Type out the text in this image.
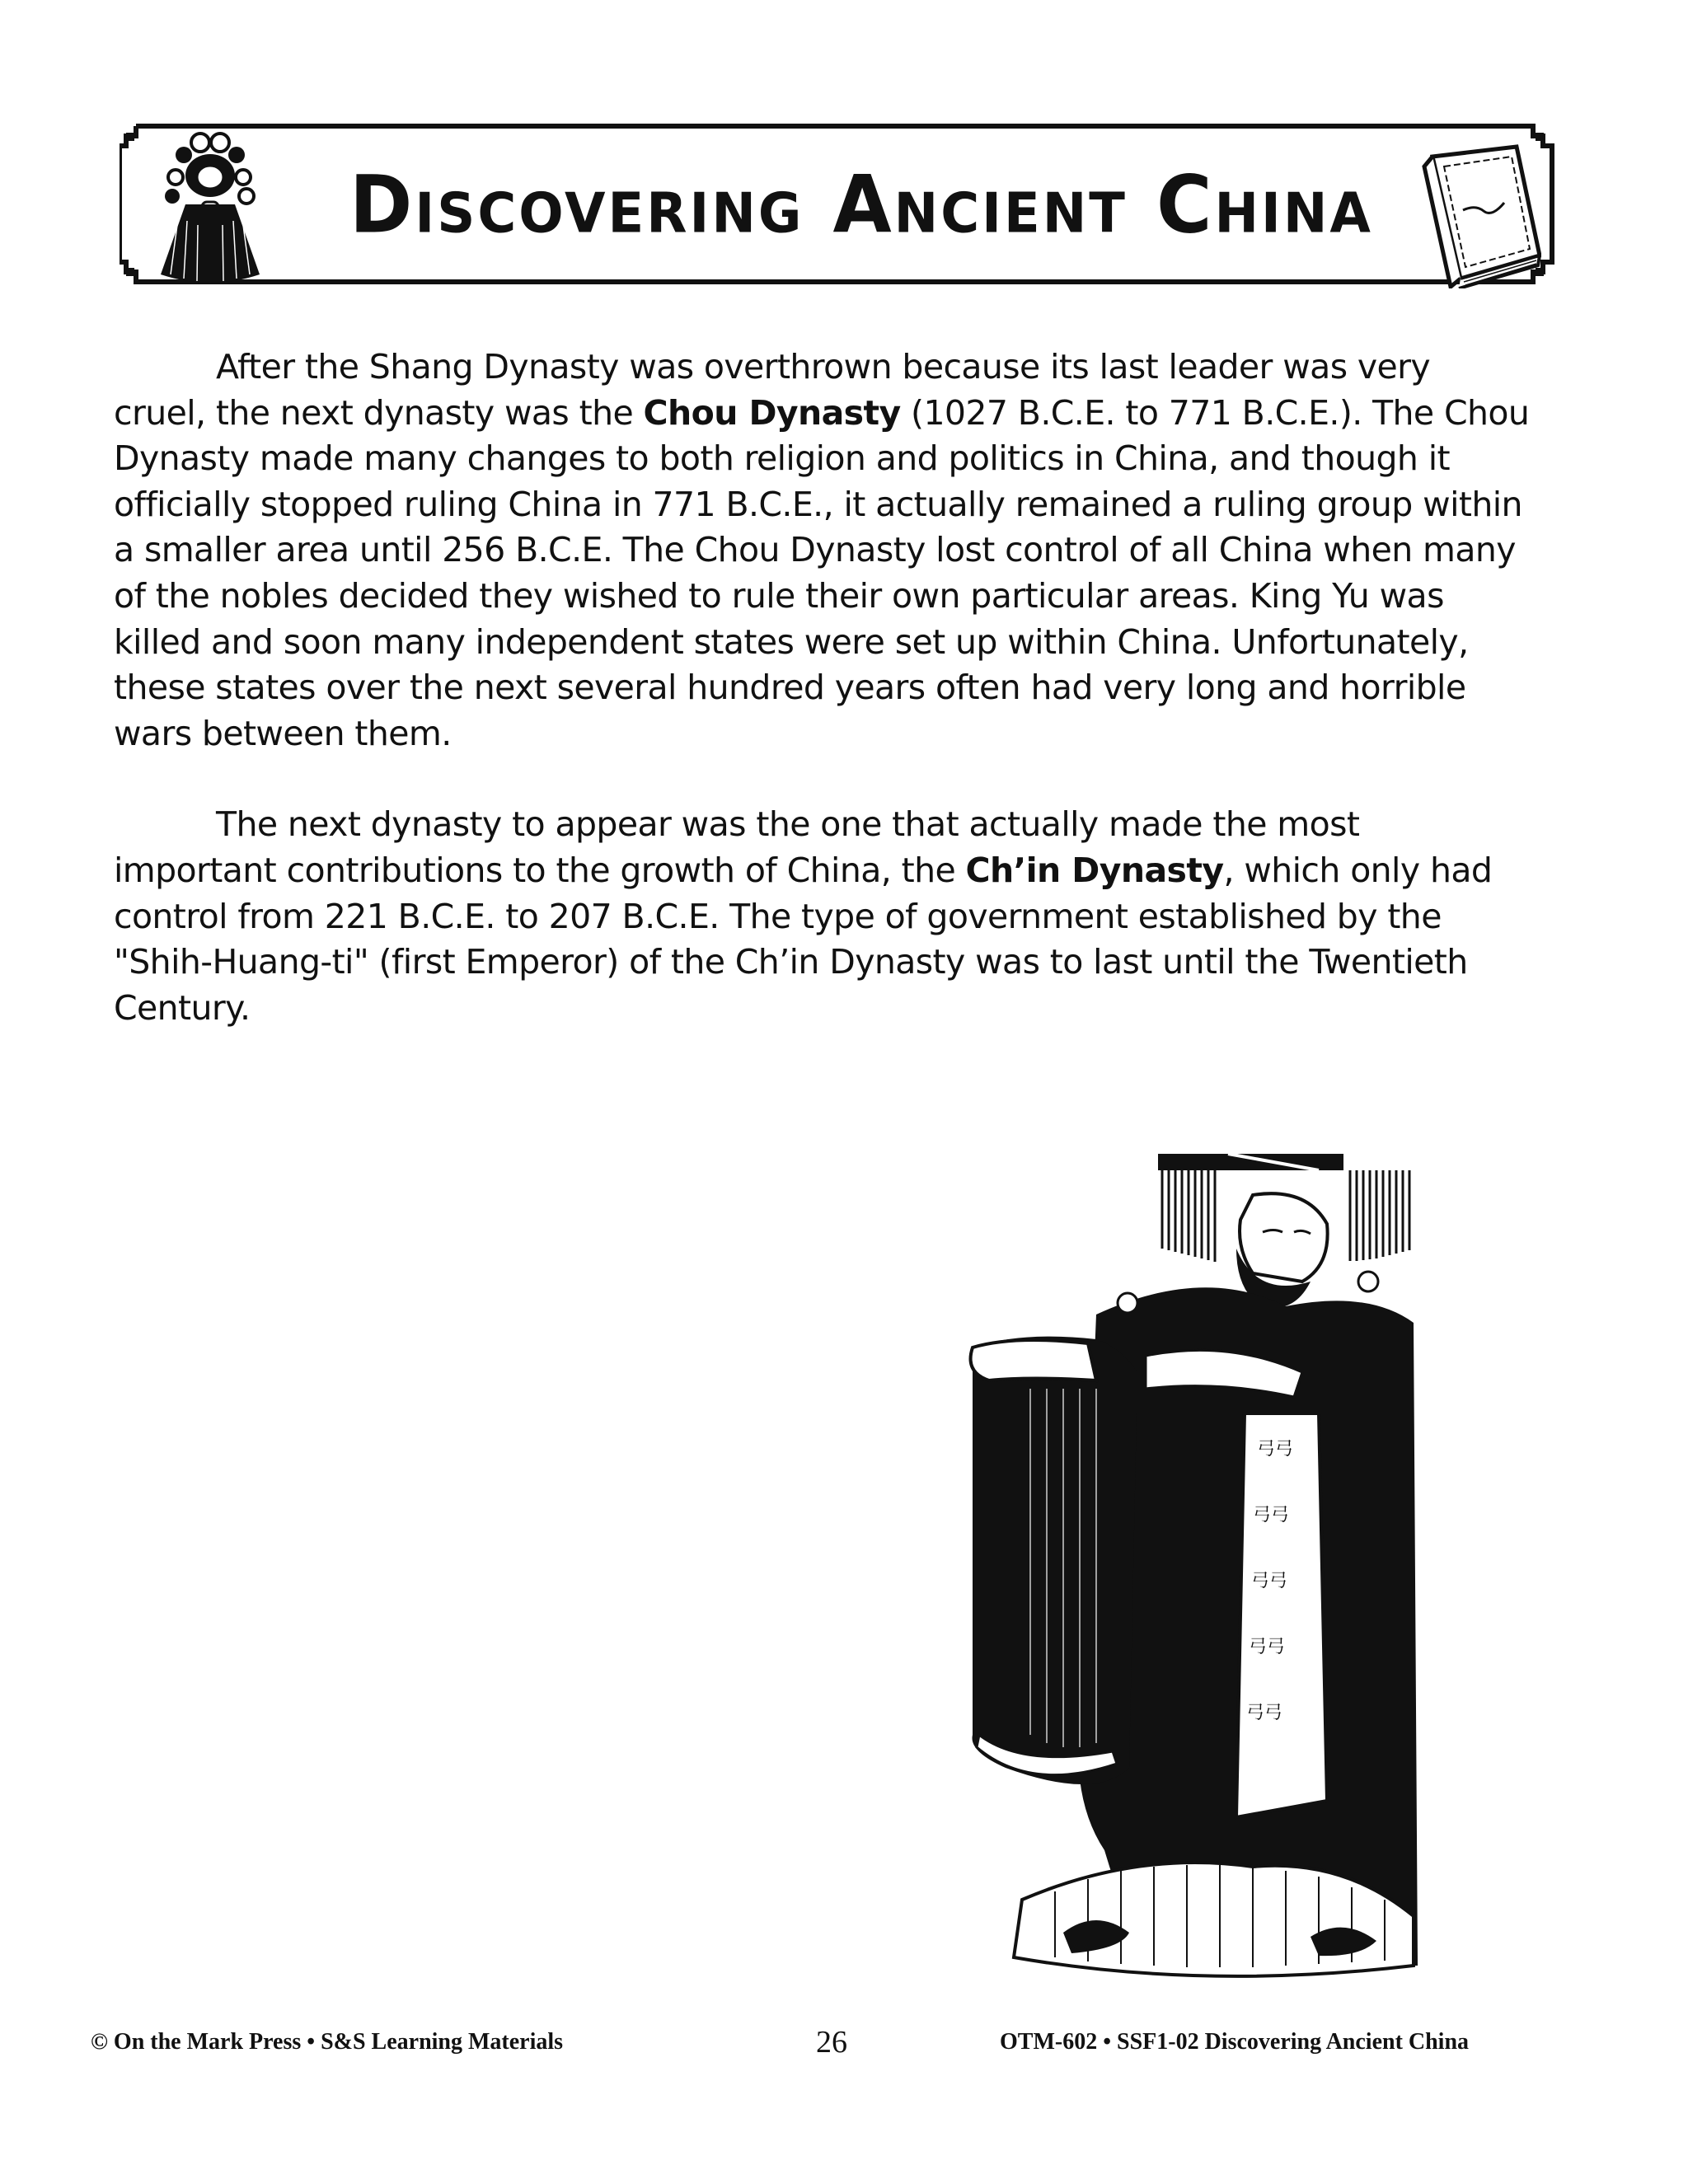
Discovering Ancient China

After the Shang Dynasty was overthrown because its last leader was very cruel, the next dynasty was the Chou Dynasty (1027 B.C.E. to 771 B.C.E.). The Chou Dynasty made many changes to both religion and politics in China, and though it officially stopped ruling China in 771 B.C.E., it actually remained a ruling group within a smaller area until 256 B.C.E. The Chou Dynasty lost control of all China when many of the nobles decided they wished to rule their own particular areas. King Yu was killed and soon many independent states were set up within China. Unfortunately, these states over the next several hundred years often had very long and horrible wars between them.

The next dynasty to appear was the one that actually made the most important contributions to the growth of China, the Ch’in Dynasty, which only had control from 221 B.C.E. to 207 B.C.E. The type of government established by the "Shih-Huang-ti" (first Emperor) of the Ch’in Dynasty was to last until the Twentieth Century.

⼸⼸
⼸⼸
⼸⼸
⼸⼸
⼸⼸
© On the Mark Press • S&S Learning Materials	26	OTM-602 • SSF1-02 Discovering Ancient China
